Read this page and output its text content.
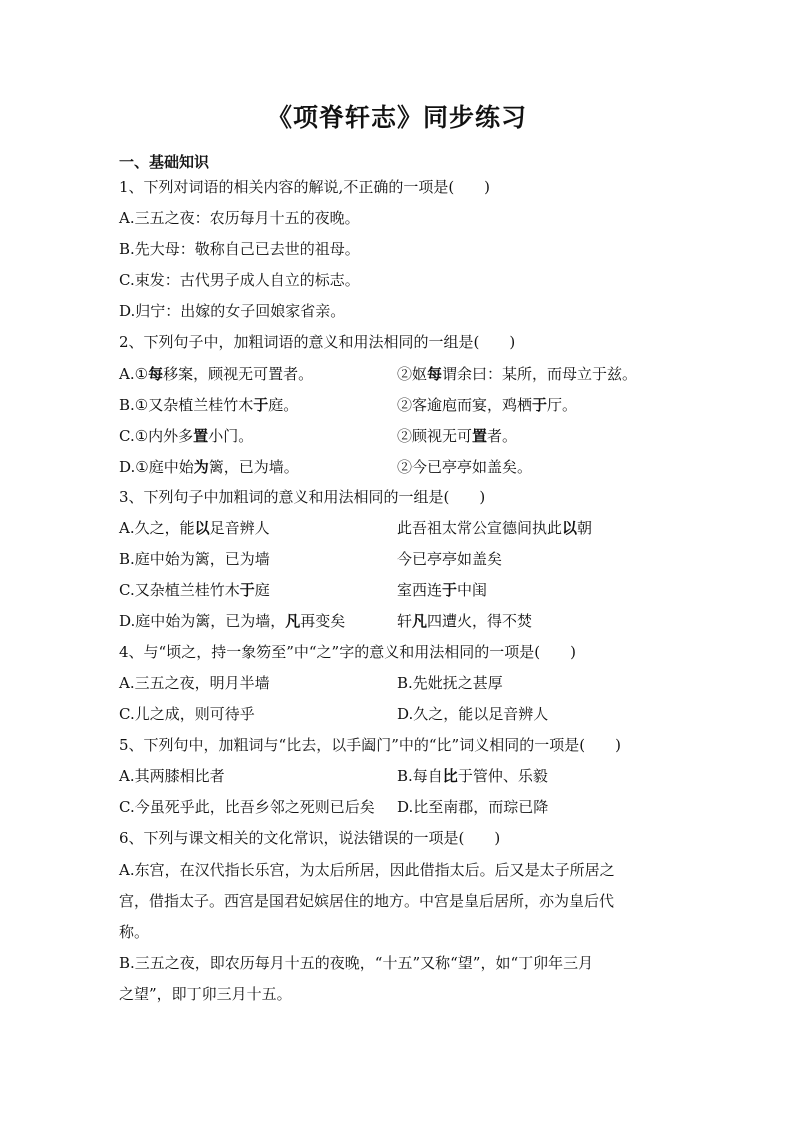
《项脊轩志》同步练习
一、基础知识
1、下列对词语的相关内容的解说,不正确的一项是(　　)
A.三五之夜：农历每月十五的夜晚。
B.先大母：敬称自己已去世的祖母。
C.束发：古代男子成人自立的标志。
D.归宁：出嫁的女子回娘家省亲。
2、下列句子中，加粗词语的意义和用法相同的一组是(　　)
A.①每移案，顾视无可置者。	②妪每谓余曰：某所，而母立于兹。
B.①又杂植兰桂竹木于庭。	②客逾庖而宴，鸡栖于厅。
C.①内外多置小门。	②顾视无可置者。
D.①庭中始为篱，已为墙。	②今已亭亭如盖矣。
3、下列句子中加粗词的意义和用法相同的一组是(　　)
A.久之，能以足音辨人	此吾祖太常公宣德间执此以朝
B.庭中始为篱，已为墙	今已亭亭如盖矣
C.又杂植兰桂竹木于庭	室西连于中闺
D.庭中始为篱，已为墙，凡再变矣	轩凡四遭火，得不焚
4、与“顷之，持一象笏至”中“之”字的意义和用法相同的一项是(　　)
A.三五之夜，明月半墙	B.先妣抚之甚厚
C.儿之成，则可待乎	D.久之，能以足音辨人
5、下列句中，加粗词与“比去，以手阖门”中的“比”词义相同的一项是(　　)
A.其两膝相比者	B.每自比于管仲、乐毅
C.今虽死乎此，比吾乡邻之死则已后矣 D.比至南郡，而琮已降
6、下列与课文相关的文化常识，说法错误的一项是(　　)
A.东宫，在汉代指长乐宫，为太后所居，因此借指太后。后又是太子所居之
宫，借指太子。西宫是国君妃嫔居住的地方。中宫是皇后居所，亦为皇后代
称。
B.三五之夜，即农历每月十五的夜晚，“十五”又称“望”，如“丁卯年三月
之望”，即丁卯三月十五。
